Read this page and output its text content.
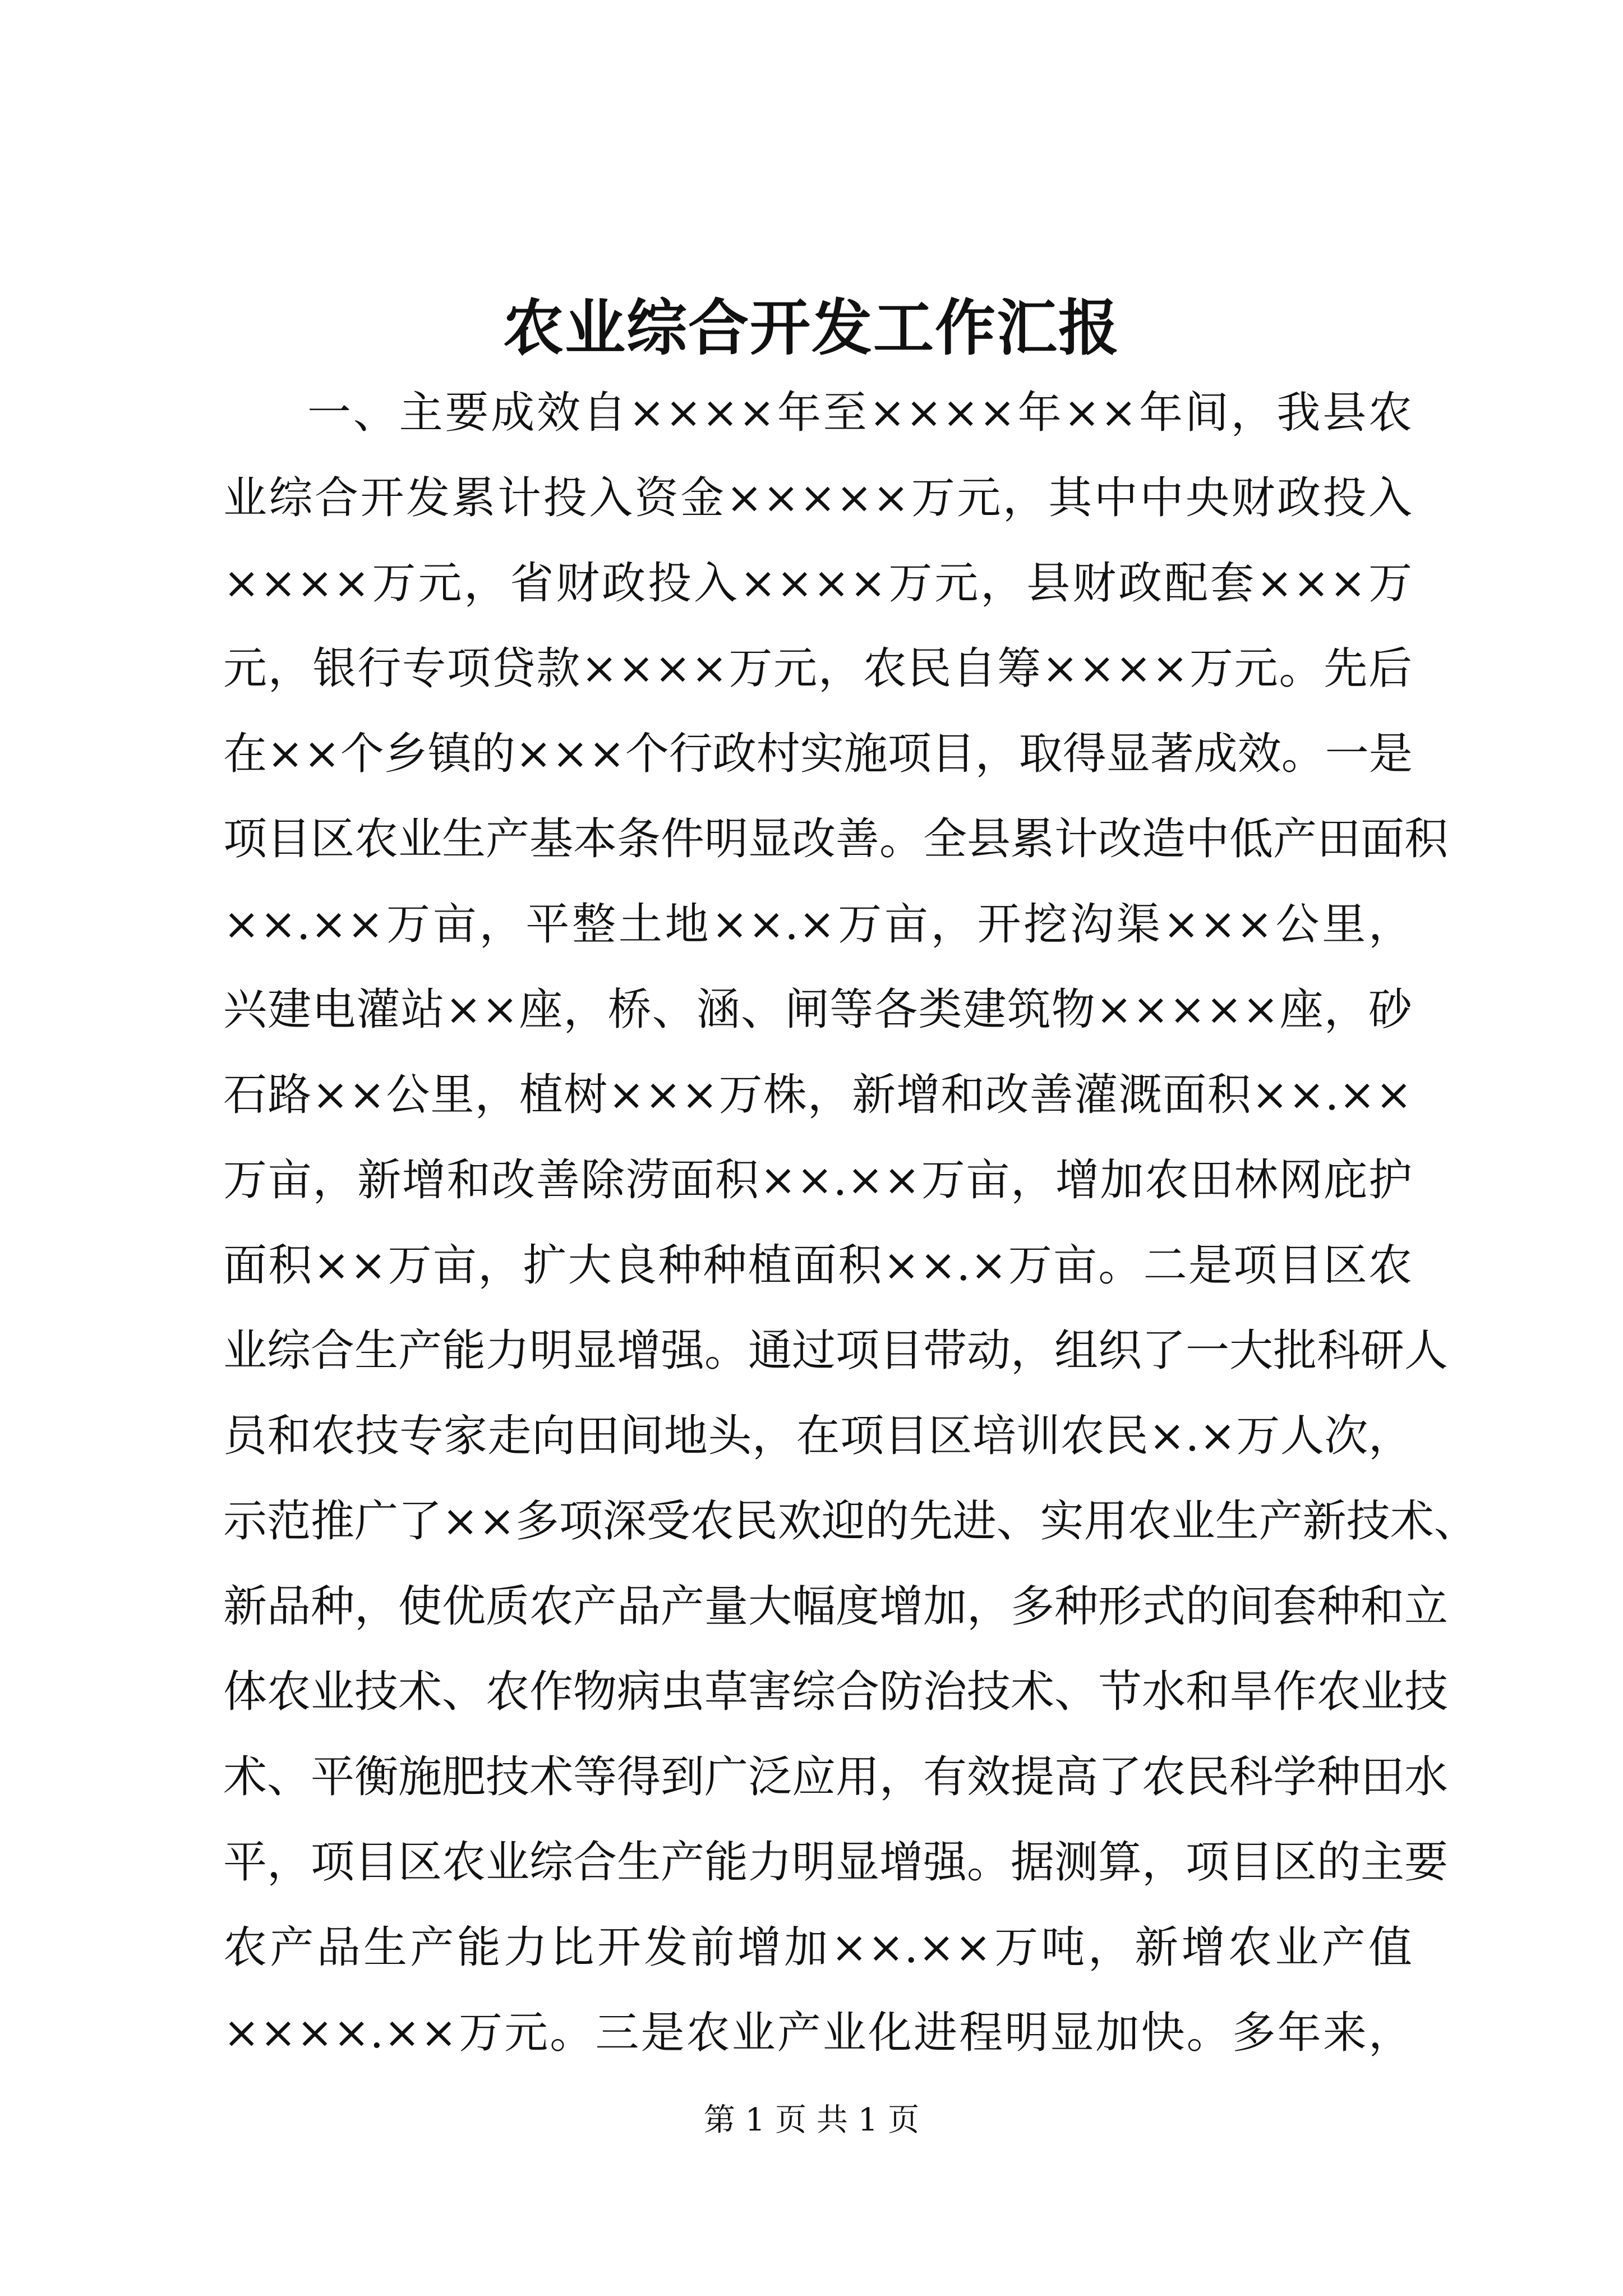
农业综合开发工作汇报
一、主要成效自××××年至××××年××年间，我县农
业综合开发累计投入资金×××××万元，其中中央财政投入
××××万元，省财政投入××××万元，县财政配套×××万
元，银行专项贷款××××万元，农民自筹××××万元。先后
在××个乡镇的×××个行政村实施项目，取得显著成效。一是
项目区农业生产基本条件明显改善。全县累计改造中低产田面积
××.××万亩，平整土地××.×万亩，开挖沟渠×××公里，
兴建电灌站××座，桥、涵、闸等各类建筑物×××××座，砂
石路××公里，植树×××万株，新增和改善灌溉面积××.××
万亩，新增和改善除涝面积××.××万亩，增加农田林网庇护
面积××万亩，扩大良种种植面积××.×万亩。二是项目区农
业综合生产能力明显增强。通过项目带动，组织了一大批科研人
员和农技专家走向田间地头，在项目区培训农民×.×万人次，
示范推广了××多项深受农民欢迎的先进、实用农业生产新技术、
新品种，使优质农产品产量大幅度增加，多种形式的间套种和立
体农业技术、农作物病虫草害综合防治技术、节水和旱作农业技
术、平衡施肥技术等得到广泛应用，有效提高了农民科学种田水
平，项目区农业综合生产能力明显增强。据测算，项目区的主要
农产品生产能力比开发前增加××.××万吨，新增农业产值
××××.××万元。三是农业产业化进程明显加快。多年来，
第 1 页 共 1 页
